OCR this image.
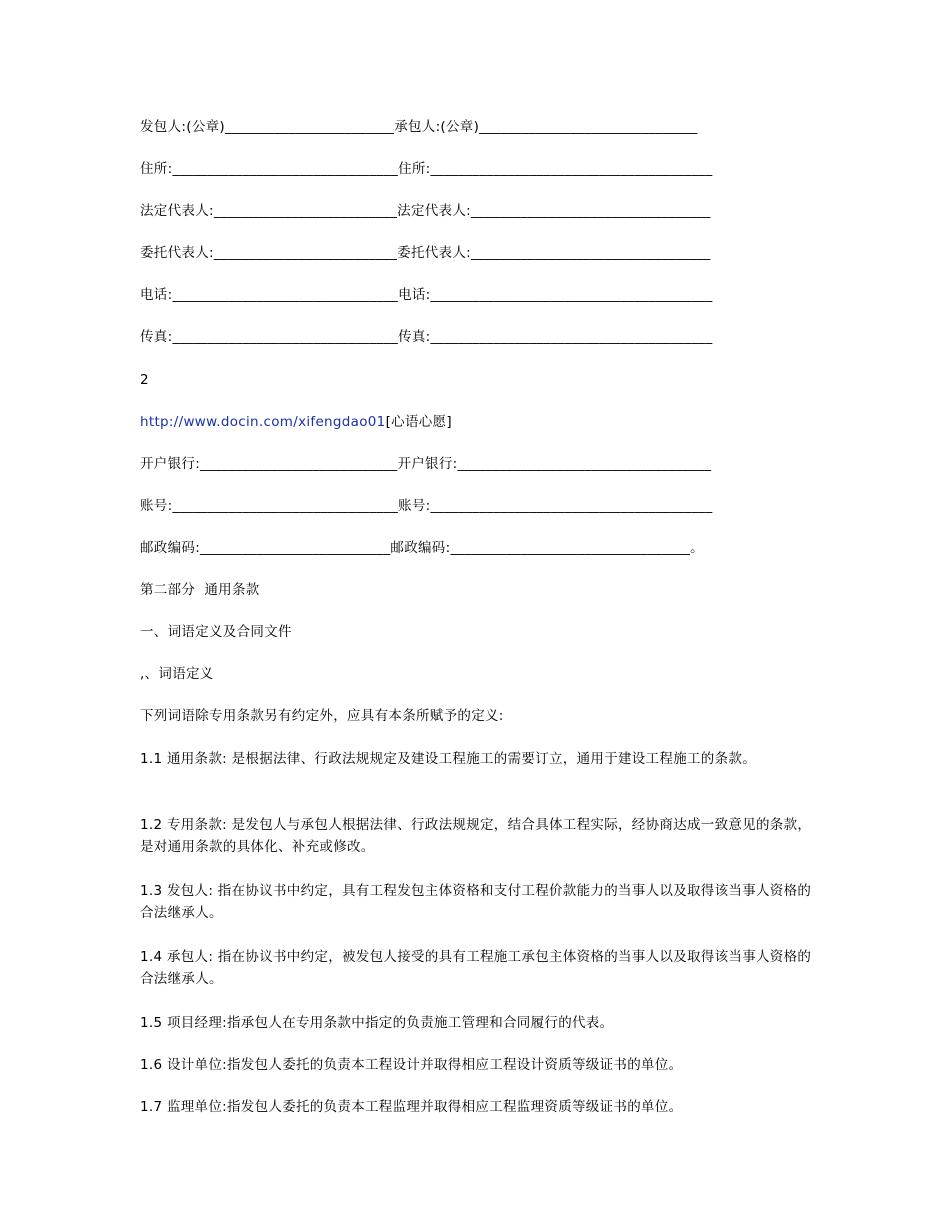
发包人:(公章)________________________承包人:(公章)_______________________________
住所:________________________________住所:________________________________________
法定代表人:__________________________法定代表人:__________________________________
委托代表人:__________________________委托代表人:__________________________________
电话:________________________________电话:________________________________________
传真:________________________________传真:________________________________________
2
http://www.docin.com/xifengdao01[心语心愿]
开户银行:____________________________开户银行:____________________________________
账号:________________________________账号:________________________________________
邮政编码:___________________________邮政编码:__________________________________。
第二部分  通用条款
一、词语定义及合同文件
,、词语定义
下列词语除专用条款另有约定外，应具有本条所赋予的定义:
1.1 通用条款: 是根据法律、行政法规规定及建设工程施工的需要订立，通用于建设工程施工的条款。
1.2 专用条款: 是发包人与承包人根据法律、行政法规规定，结合具体工程实际，经协商达成一致意见的条款，是对通用条款的具体化、补充或修改。
1.3 发包人: 指在协议书中约定，具有工程发包主体资格和支付工程价款能力的当事人以及取得该当事人资格的合法继承人。
1.4 承包人: 指在协议书中约定，被发包人接受的具有工程施工承包主体资格的当事人以及取得该当事人资格的合法继承人。
1.5 项目经理:指承包人在专用条款中指定的负责施工管理和合同履行的代表。
1.6 设计单位:指发包人委托的负责本工程设计并取得相应工程设计资质等级证书的单位。
1.7 监理单位:指发包人委托的负责本工程监理并取得相应工程监理资质等级证书的单位。
